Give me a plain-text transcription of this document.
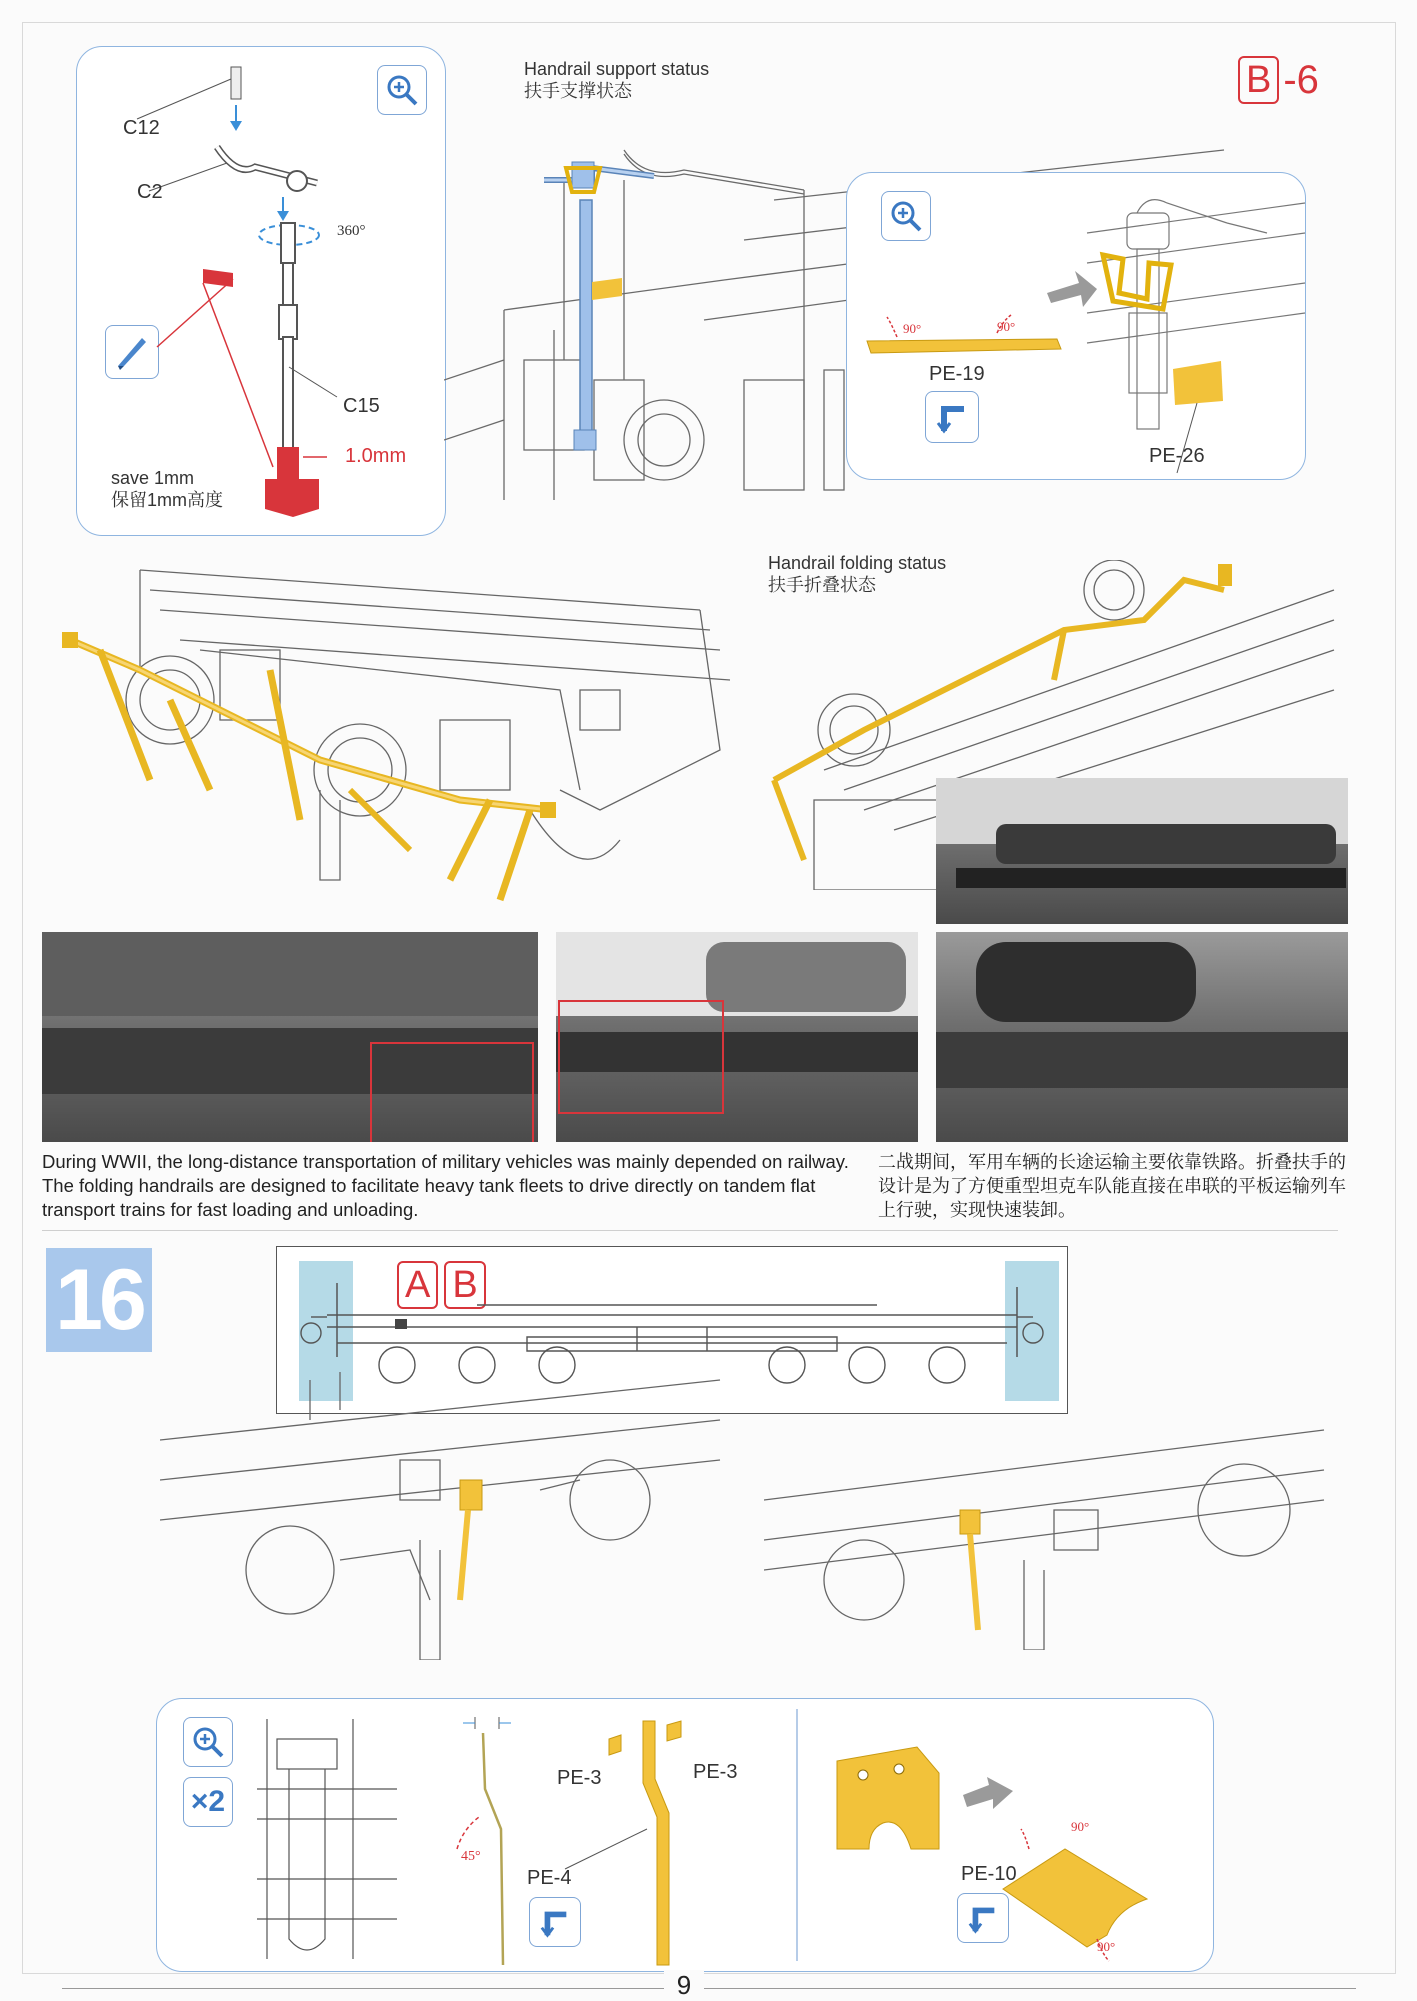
B -6
C12
C2
C15
360°
1.0mm
save 1mm
保留1mm高度
Handrail support status
扶手支撑状态
90°	90°
PE-19
PE-26
Handrail folding status
扶手折叠状态
During WWII, the long-distance transportation of military vehicles was mainly depended on railway. The folding handrails are designed to facilitate heavy tank fleets to drive directly on tandem flat transport trains for fast loading and unloading.
二战期间，军用车辆的长途运输主要依靠铁路。折叠扶手的设计是为了方便重型坦克车队能直接在串联的平板运输列车上行驶，实现快速装卸。
16	A B
×2
PE-3	PE-3
PE-4
45°
90°
90°
PE-10
9
